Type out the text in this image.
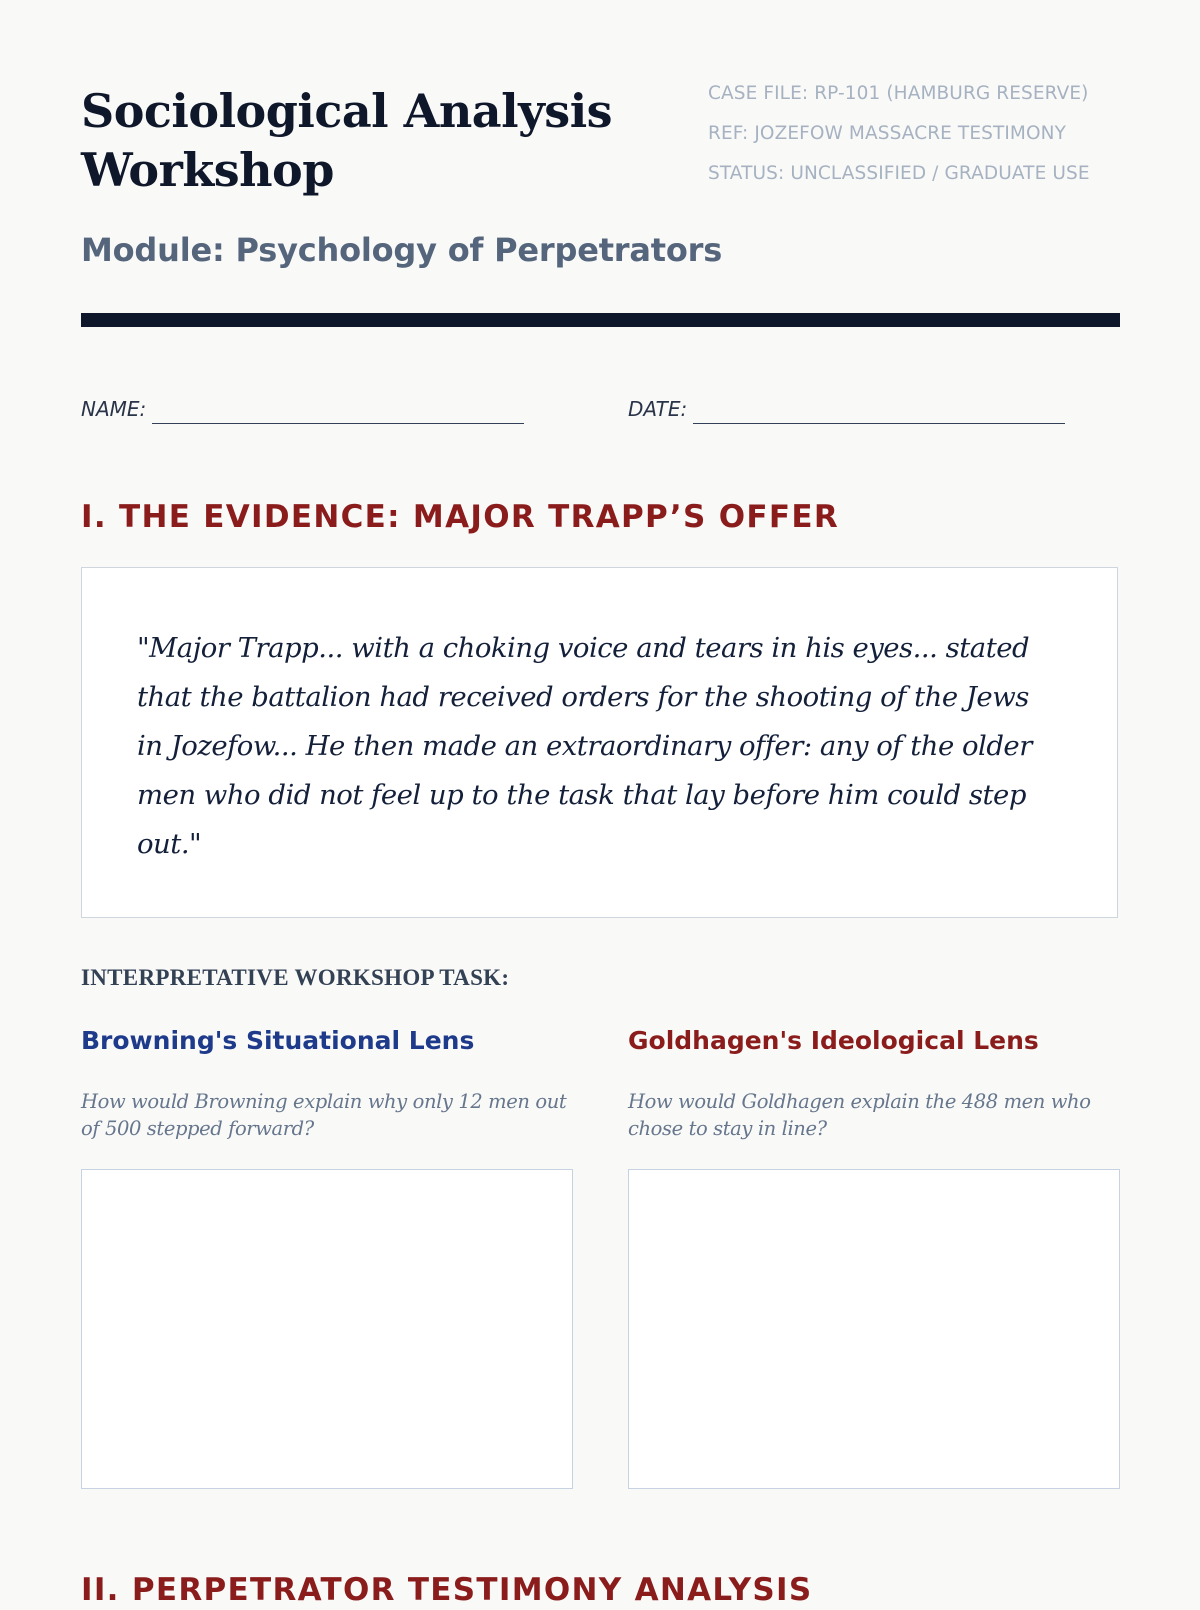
Sociological Analysis Workshop

CASE FILE: RP-101 (HAMBURG RESERVE)

REF: JOZEFOW MASSACRE TESTIMONY

STATUS: UNCLASSIFIED / GRADUATE USE

Module: Psychology of Perpetrators
NAME:	DATE:
I. THE EVIDENCE: MAJOR TRAPP’S OFFER

"Major Trapp... with a choking voice and tears in his eyes... stated that the battalion had received orders for the shooting of the Jews in Jozefow... He then made an extraordinary offer: any of the older men who did not feel up to the task that lay before him could step out."

INTERPRETATIVE WORKSHOP TASK:
Browning's Situational Lens

How would Browning explain why only 12 men out of 500 stepped forward?

Goldhagen's Ideological Lens

How would Goldhagen explain the 488 men who chose to stay in line?

II. PERPETRATOR TESTIMONY ANALYSIS
